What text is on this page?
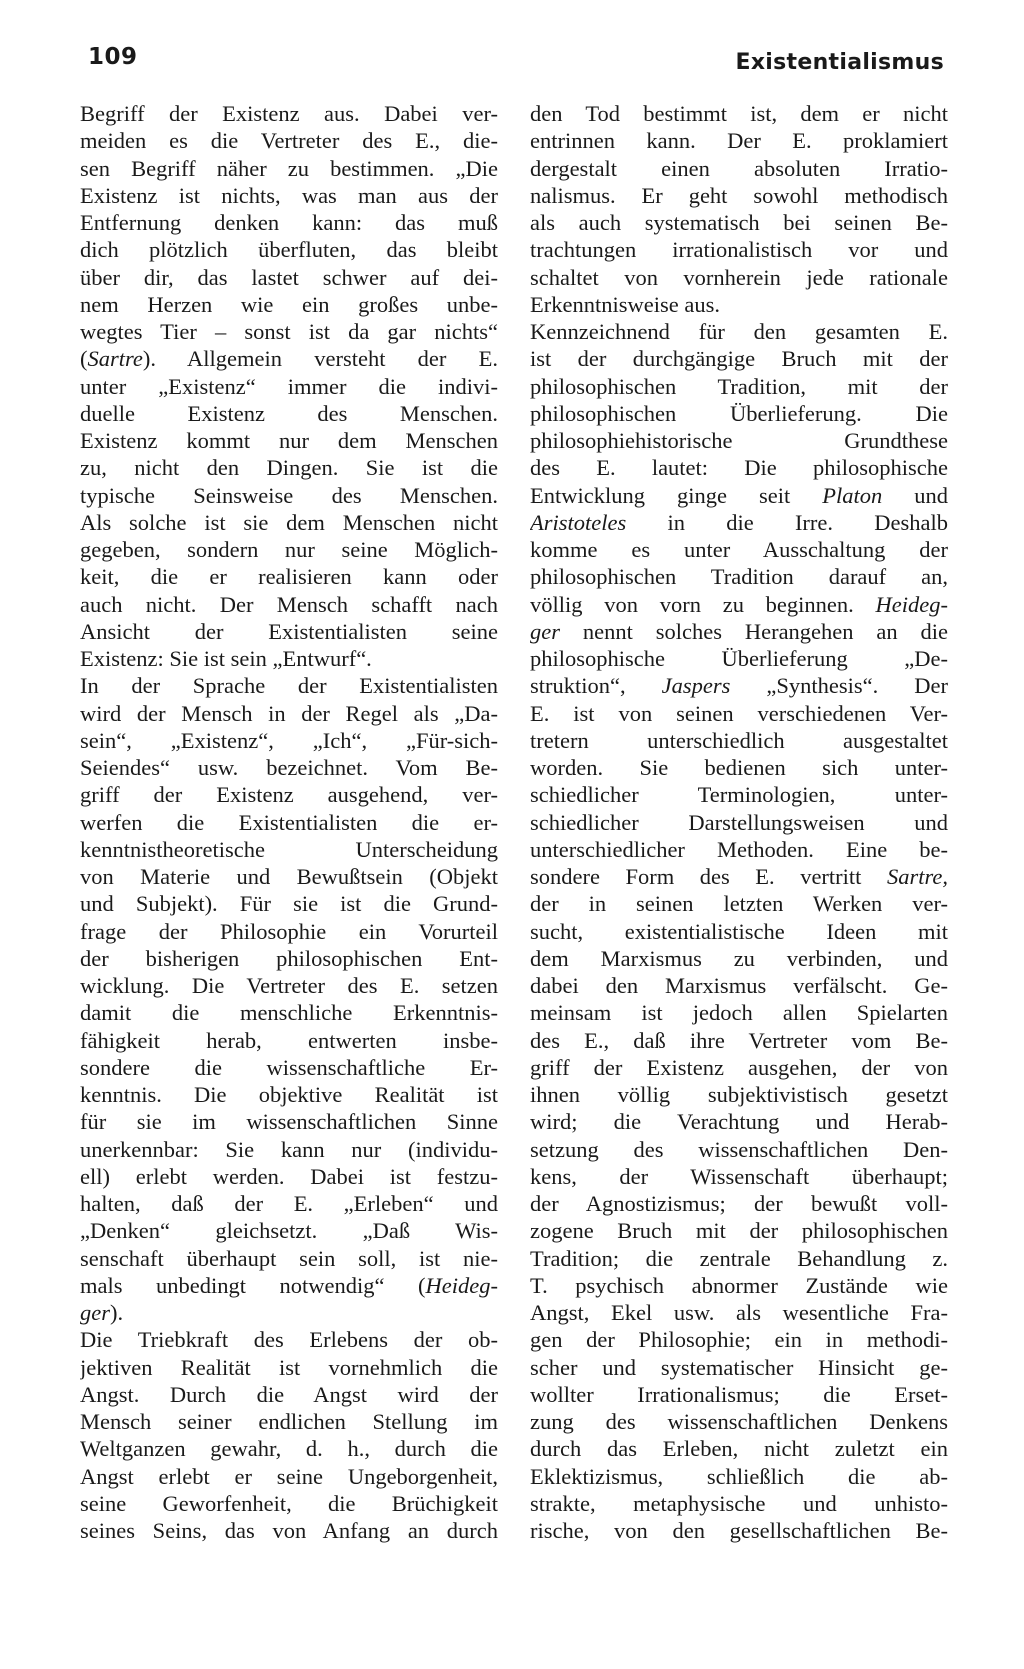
109	Existentialismus
Begriff der Existenz aus. Dabei ver-
meiden es die Vertreter des E., die-
sen Begriff näher zu bestimmen. „Die
Existenz ist nichts, was man aus der
Entfernung denken kann: das muß
dich plötzlich überfluten, das bleibt
über dir, das lastet schwer auf dei-
nem Herzen wie ein großes unbe-
wegtes Tier – sonst ist da gar nichts“
(Sartre). Allgemein versteht der E.
unter „Existenz“ immer die indivi-
duelle Existenz des Menschen.
Existenz kommt nur dem Menschen
zu, nicht den Dingen. Sie ist die
typische Seinsweise des Menschen.
Als solche ist sie dem Menschen nicht
gegeben, sondern nur seine Möglich-
keit, die er realisieren kann oder
auch nicht. Der Mensch schafft nach
Ansicht der Existentialisten seine
Existenz: Sie ist sein „Entwurf“.
In der Sprache der Existentialisten
wird der Mensch in der Regel als „Da-
sein“, „Existenz“, „Ich“, „Für-sich-
Seiendes“ usw. bezeichnet. Vom Be-
griff der Existenz ausgehend, ver-
werfen die Existentialisten die er-
kenntnistheoretische Unterscheidung
von Materie und Bewußtsein (Objekt
und Subjekt). Für sie ist die Grund-
frage der Philosophie ein Vorurteil
der bisherigen philosophischen Ent-
wicklung. Die Vertreter des E. setzen
damit die menschliche Erkenntnis-
fähigkeit herab, entwerten insbe-
sondere die wissenschaftliche Er-
kenntnis. Die objektive Realität ist
für sie im wissenschaftlichen Sinne
unerkennbar: Sie kann nur (individu-
ell) erlebt werden. Dabei ist festzu-
halten, daß der E. „Erleben“ und
„Denken“ gleichsetzt. „Daß Wis-
senschaft überhaupt sein soll, ist nie-
mals unbedingt notwendig“ (Heideg-
ger).
Die Triebkraft des Erlebens der ob-
jektiven Realität ist vornehmlich die
Angst. Durch die Angst wird der
Mensch seiner endlichen Stellung im
Weltganzen gewahr, d. h., durch die
Angst erlebt er seine Ungeborgenheit,
seine Geworfenheit, die Brüchigkeit
seines Seins, das von Anfang an durch
den Tod bestimmt ist, dem er nicht
entrinnen kann. Der E. proklamiert
dergestalt einen absoluten Irratio-
nalismus. Er geht sowohl methodisch
als auch systematisch bei seinen Be-
trachtungen irrationalistisch vor und
schaltet von vornherein jede rationale
Erkenntnisweise aus.
Kennzeichnend für den gesamten E.
ist der durchgängige Bruch mit der
philosophischen Tradition, mit der
philosophischen Überlieferung. Die
philosophiehistorische Grundthese
des E. lautet: Die philosophische
Entwicklung ginge seit Platon und
Aristoteles in die Irre. Deshalb
komme es unter Ausschaltung der
philosophischen Tradition darauf an,
völlig von vorn zu beginnen. Heideg-
ger nennt solches Herangehen an die
philosophische Überlieferung „De-
struktion“, Jaspers „Synthesis“. Der
E. ist von seinen verschiedenen Ver-
tretern unterschiedlich ausgestaltet
worden. Sie bedienen sich unter-
schiedlicher Terminologien, unter-
schiedlicher Darstellungsweisen und
unterschiedlicher Methoden. Eine be-
sondere Form des E. vertritt Sartre,
der in seinen letzten Werken ver-
sucht, existentialistische Ideen mit
dem Marxismus zu verbinden, und
dabei den Marxismus verfälscht. Ge-
meinsam ist jedoch allen Spielarten
des E., daß ihre Vertreter vom Be-
griff der Existenz ausgehen, der von
ihnen völlig subjektivistisch gesetzt
wird; die Verachtung und Herab-
setzung des wissenschaftlichen Den-
kens, der Wissenschaft überhaupt;
der Agnostizismus; der bewußt voll-
zogene Bruch mit der philosophischen
Tradition; die zentrale Behandlung z.
T. psychisch abnormer Zustände wie
Angst, Ekel usw. als wesentliche Fra-
gen der Philosophie; ein in methodi-
scher und systematischer Hinsicht ge-
wollter Irrationalismus; die Erset-
zung des wissenschaftlichen Denkens
durch das Erleben, nicht zuletzt ein
Eklektizismus, schließlich die ab-
strakte, metaphysische und unhisto-
rische, von den gesellschaftlichen Be-
